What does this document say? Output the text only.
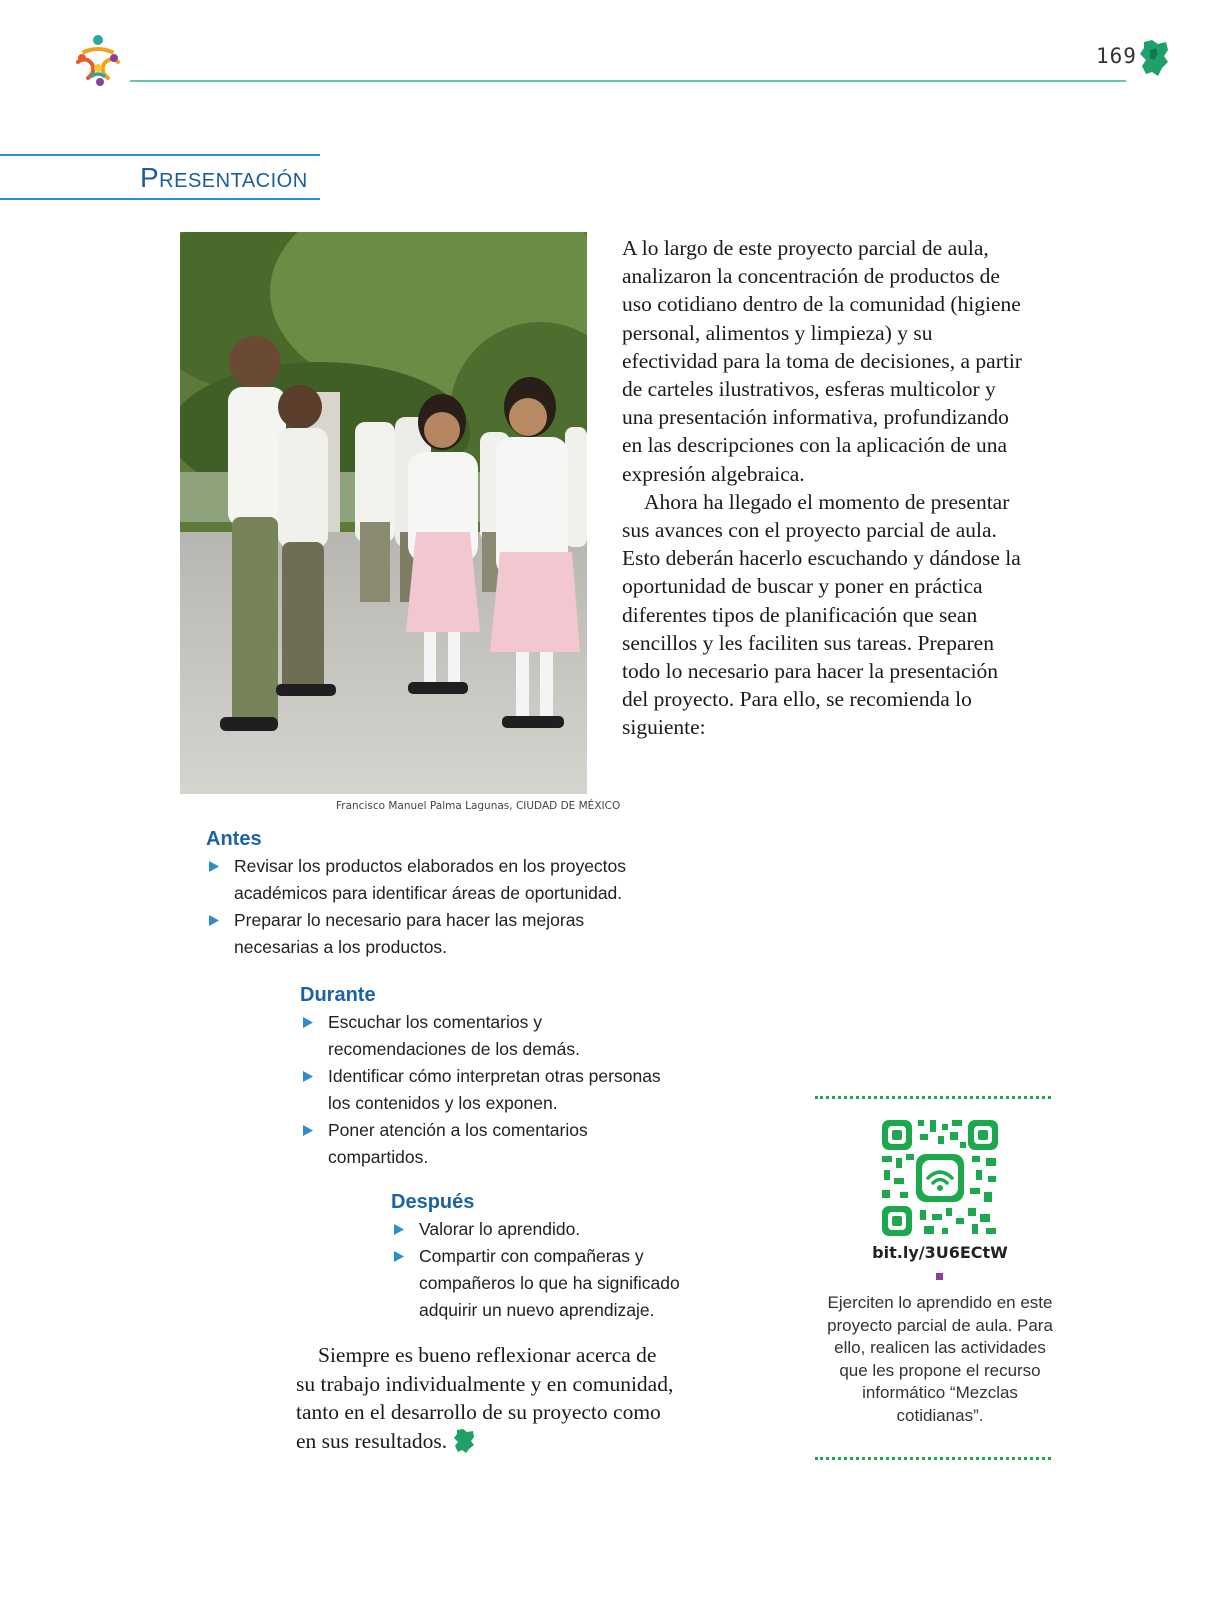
169
Presentación
Francisco Manuel Palma Lagunas, CIUDAD DE MÉXICO

A lo largo de este proyecto parcial de aula, analizaron la concentración de productos de uso cotidiano dentro de la comunidad (higiene personal, alimentos y limpieza) y su efectividad para la toma de decisiones, a partir de carteles ilustrativos, esferas multicolor y una presentación informativa, profundizando en las descripciones con la aplicación de una expresión algebraica.

Ahora ha llegado el momento de presentar sus avances con el proyecto parcial de aula. Esto deberán hacerlo escuchando y dándose la oportunidad de buscar y poner en práctica diferentes tipos de planificación que sean sencillos y les faciliten sus tareas. Preparen todo lo necesario para hacer la presentación del proyecto. Para ello, se recomienda lo siguiente:

Antes
Revisar los productos elaborados en los proyectos académicos para identificar áreas de oportunidad.
Preparar lo necesario para hacer las mejoras necesarias a los productos.
Durante
Escuchar los comentarios y recomendaciones de los demás.
Identificar cómo interpretan otras personas los contenidos y los exponen.
Poner atención a los comentarios compartidos.
Después
Valorar lo aprendido.
Compartir con compañeras y compañeros lo que ha significado adquirir un nuevo aprendizaje.
Siempre es bueno reflexionar acerca de su trabajo individualmente y en comunidad, tanto en el desarrollo de su proyecto como en sus resultados.
bit.ly/3U6ECtW
Ejerciten lo aprendido en este proyecto parcial de aula. Para ello, realicen las actividades que les propone el recurso informático “Mezclas cotidianas”.
